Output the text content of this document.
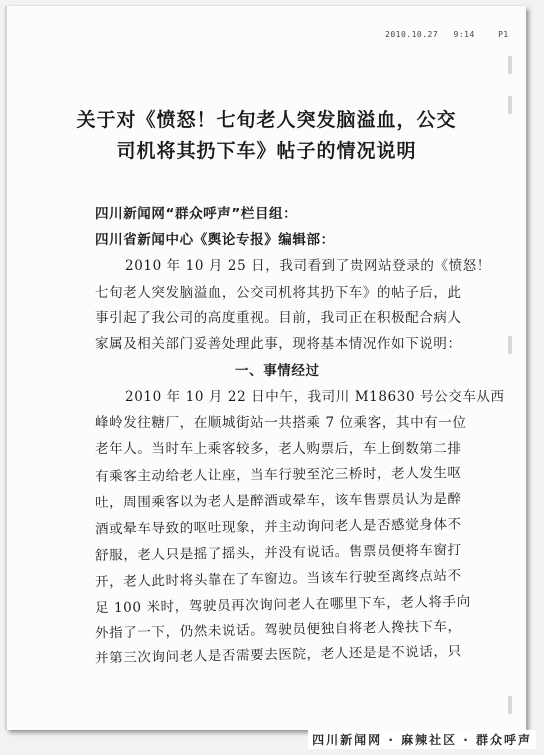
2010.10.27 9:14	P1
关于对《愤怒！七旬老人突发脑溢血，公交
司机将其扔下车》帖子的情况说明
四川新闻网“群众呼声”栏目组：
四川省新闻中心《舆论专报》编辑部：
2010 年 10 月 25 日，我司看到了贵网站登录的《愤怒！
七旬老人突发脑溢血，公交司机将其扔下车》的帖子后，此
事引起了我公司的高度重视。目前，我司正在积极配合病人
家属及相关部门妥善处理此事，现将基本情况作如下说明：
一、事情经过
2010 年 10 月 22 日中午，我司川 M18630 号公交车从西
峰岭发往糖厂，在顺城街站一共搭乘 7 位乘客，其中有一位
老年人。当时车上乘客较多，老人购票后，车上倒数第二排
有乘客主动给老人让座，当车行驶至沱三桥时，老人发生呕
吐，周围乘客以为老人是醉酒或晕车，该车售票员认为是醉
酒或晕车导致的呕吐现象，并主动询问老人是否感觉身体不
舒服，老人只是摇了摇头，并没有说话。售票员便将车窗打
开，老人此时将头靠在了车窗边。当该车行驶至离终点站不
足 100 米时，驾驶员再次询问老人在哪里下车，老人将手向
外指了一下，仍然未说话。驾驶员便独自将老人搀扶下车，
并第三次询问老人是否需要去医院，老人还是是不说话，只
四川新闻网 · 麻辣社区 · 群众呼声
